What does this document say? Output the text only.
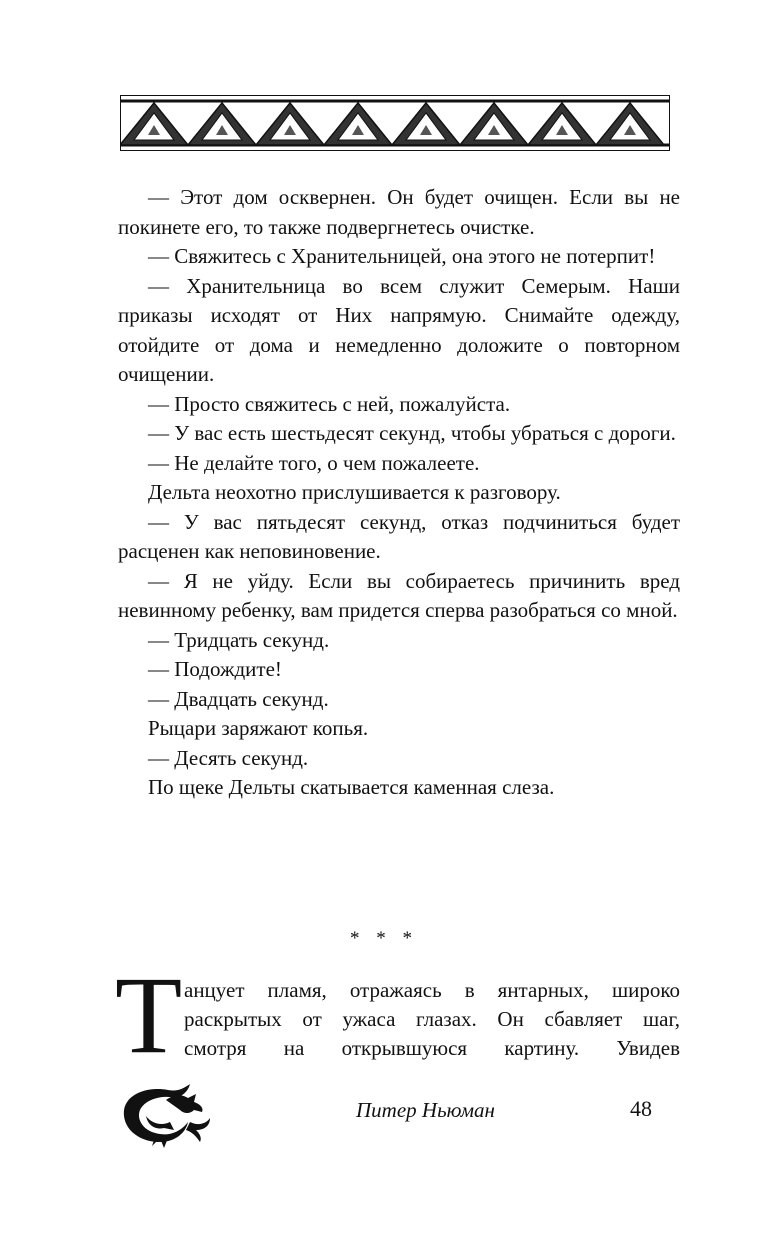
— Этот дом осквернен. Он будет очищен. Если вы не покинете его, то также подвергнетесь очистке.

— Свяжитесь с Хранительницей, она этого не потерпит!

— Хранительница во всем служит Семерым. Наши приказы исходят от Них напрямую. Снимайте одежду, отойдите от дома и немедленно доложите о повторном очищении.

— Просто свяжитесь с ней, пожалуйста.

— У вас есть шестьдесят секунд, чтобы убраться с дороги.

— Не делайте того, о чем пожалеете.

Дельта неохотно прислушивается к разговору.

— У вас пятьдесят секунд, отказ подчиниться будет расценен как неповиновение.

— Я не уйду. Если вы собираетесь причинить вред невинному ребенку, вам придется сперва разобраться со мной.

— Тридцать секунд.

— Подождите!

— Двадцать секунд.

Рыцари заряжают копья.

— Десять секунд.

По щеке Дельты скатывается каменная слеза.

* * *
Т анцует пламя, отражаясь в янтарных, широко
раскрытых от ужаса глазах. Он сбавляет шаг,
смотря на открывшуюся картину. Увидев
Питер Ньюман	48
